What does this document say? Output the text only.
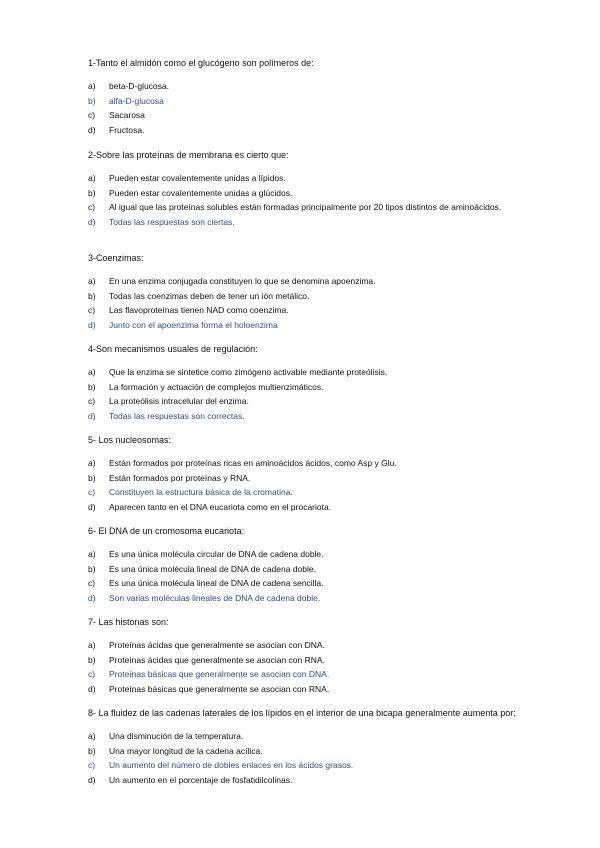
1-Tanto el almidón como el glucógeno son polímeros de:
a)	beta-D-glucosa.
b)	alfa-D-glucosa
c)	Sacarosa
d)	Fructosa.
2-Sobre las proteínas de membrana es cierto que:
a)	Pueden estar covalentemente unidas a lípidos.
b)	Pueden estar covalentemente unidas a glúcidos.
c)	Al igual que las proteínas solubles están formadas principalmente por 20 tipos distintos de aminoácidos.
d)	Todas las respuestas son ciertas.
3-Coenzimas:
a)	En una enzima conjugada constituyen lo que se denomina apoenzima.
b)	Todas las coenzimas deben de tener un ión metálico.
c)	Las flavoproteínas tienen NAD como coenzima.
d)	Junto con el apoenzima forma el holoenzima
4-Son mecanismos usuales de regulación:
a)	Que la enzima se sintetice como zimógeno activable mediante proteólisis.
b)	La formación y actuación de complejos multienzimáticos.
c)	La proteólisis intracelular del enzima.
d)	Todas las respuestas son correctas.
5- Los nucleosomas:
a)	Están formados por proteínas ricas en aminoácidos ácidos, como Asp y Glu.
b)	Están formados por proteínas y RNA.
c)	Constituyen la estructura básica de la cromatina.
d)	Aparecen tanto en el DNA eucariota como en el procariota.
6- El DNA de un cromosoma eucariota:
a)	Es una única molécula circular de DNA de cadena doble.
b)	Es una única molécula lineal de DNA de cadena doble.
c)	Es una única molécula lineal de DNA de cadena sencilla.
d)	Son varias moléculas lineales de DNA de cadena doble.
7- Las histonas son:
a)	Proteínas ácidas que generalmente se asocian con DNA.
b)	Proteínas ácidas que generalmente se asocian con RNA.
c)	Proteínas básicas que generalmente se asocian con DNA.
d)	Proteínas básicas que generalmente se asocian con RNA.
8- La fluidez de las cadenas laterales de los lípidos en el interior de una bicapa generalmente aumenta por:
a)	Una disminución de la temperatura.
b)	Una mayor longitud de la cadena acílica.
c)	Un aumento del número de dobles enlaces en los ácidos grasos.
d)	Un aumento en el porcentaje de fosfatidilcolinas.
